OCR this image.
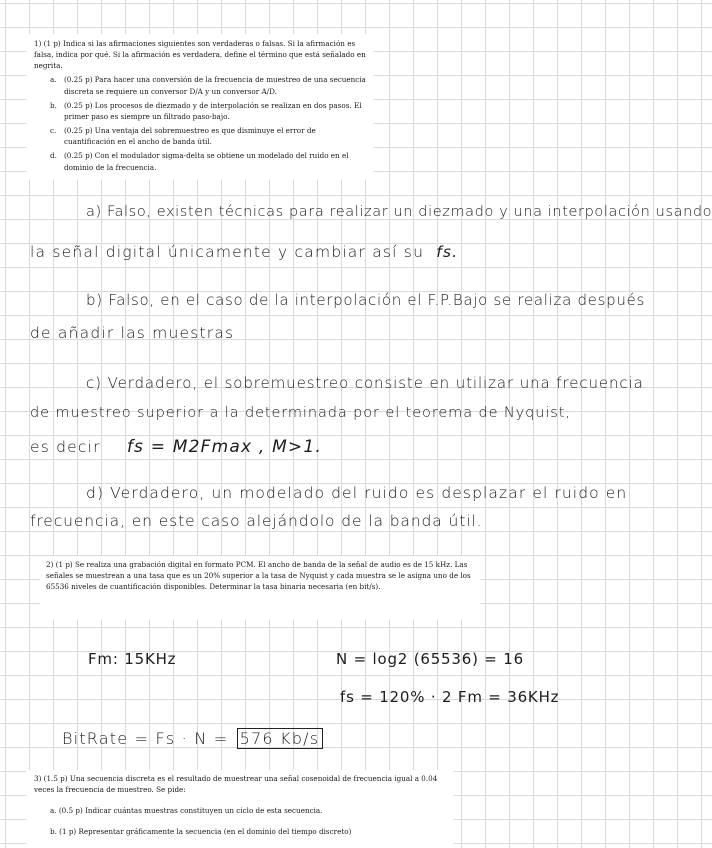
1) (1 p) Indica si las afirmaciones siguientes son verdaderas o falsas. Si la afirmación es falsa, indica por qué. Si la afirmación es verdadera, define el término que está señalado en negrita.

a.	(0.25 p) Para hacer una conversión de la frecuencia de muestreo de una secuencia discreta se requiere un conversor D/A y un conversor A/D.
b. (0.25 p) Los procesos de diezmado y de interpolación se realizan en dos pasos. El primer paso es siempre un filtrado paso-bajo.
c.	(0.25 p) Una ventaja del sobremuestreo es que disminuye el error de cuantificación en el ancho de banda útil.
d. (0.25 p) Con el modulador sigma-delta se obtiene un modelado del ruido en el dominio de la frecuencia.
a) Falso, existen técnicas para realizar un diezmado y una interpolación usando
la señal digital únicamente y cambiar así su fs.
b) Falso, en el caso de la interpolación el F.P.Bajo se realiza después
de añadir las muestras
c) Verdadero, el sobremuestreo consiste en utilizar una frecuencia
de muestreo superior a la determinada por el teorema de Nyquist,
es decir fs = M2Fmax , M>1.
d) Verdadero, un modelado del ruido es desplazar el ruido en
frecuencia, en este caso alejándolo de la banda útil.

2) (1 p) Se realiza una grabación digital en formato PCM. El ancho de banda de la señal de audio es de 15 kHz. Las señales se muestrean a una tasa que es un 20% superior a la tasa de Nyquist y cada muestra se le asigna uno de los 65536 niveles de cuantificación disponibles. Determinar la tasa binaria necesaria (en bit/s).

Fm: 15KHz	N = log2 (65536) = 16
fs = 120% · 2 Fm = 36KHz
BitRate = Fs · N = 576 Kb/s

3) (1.5 p) Una secuencia discreta es el resultado de muestrear una señal cosenoidal de frecuencia igual a 0.04 veces la frecuencia de muestreo. Se pide:

a. (0.5 p) Indicar cuántas muestras constituyen un ciclo de esta secuencia.

b. (1 p) Representar gráficamente la secuencia (en el dominio del tiempo discreto)
